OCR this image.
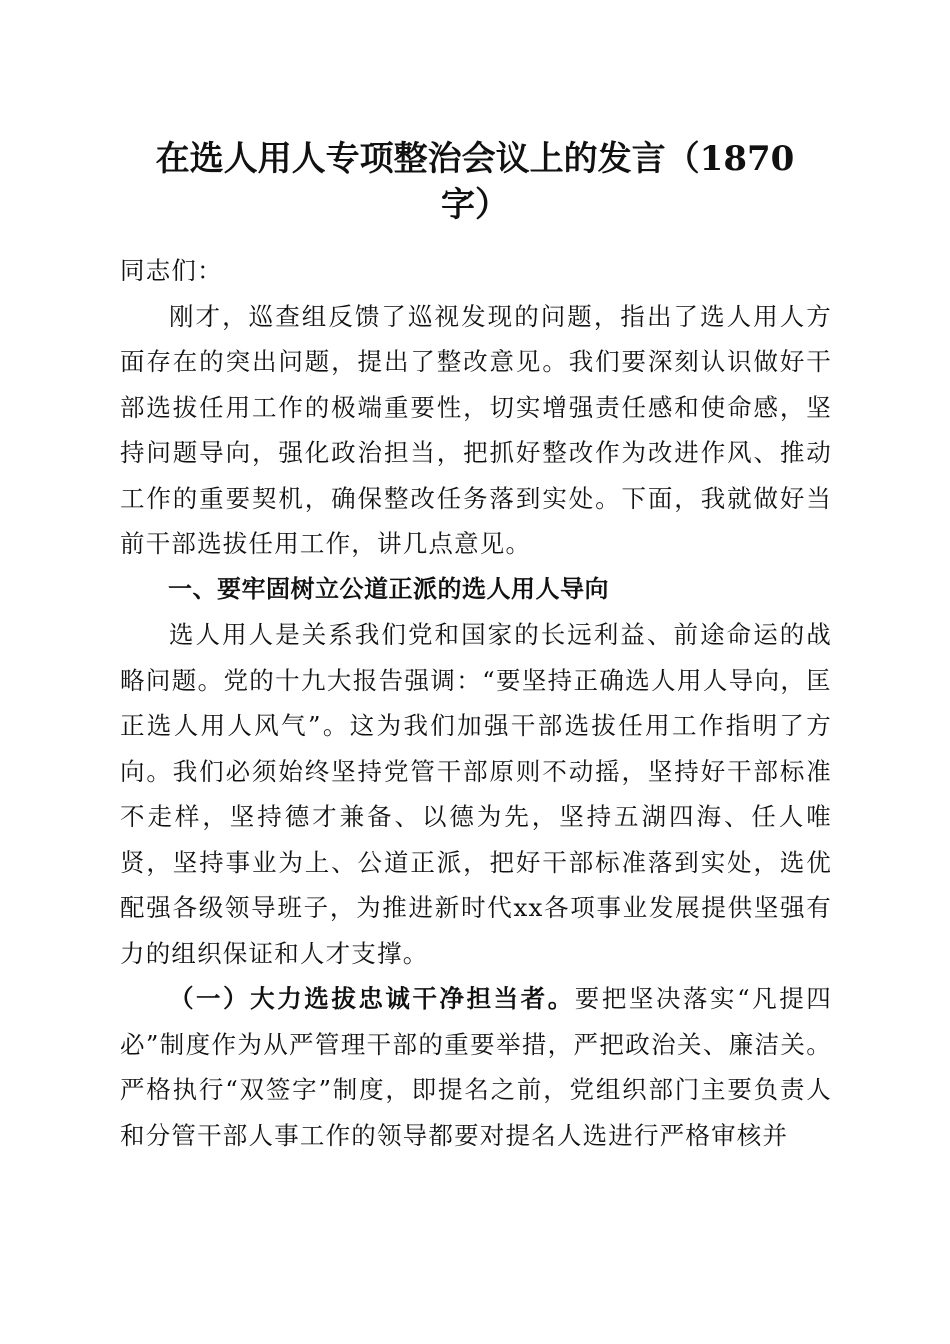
在选人用人专项整治会议上的发言（1870
字）

同志们：

刚才，巡查组反馈了巡视发现的问题，指出了选人用人方面存在的突出问题，提出了整改意见。我们要深刻认识做好干部选拔任用工作的极端重要性，切实增强责任感和使命感，坚持问题导向，强化政治担当，把抓好整改作为改进作风、推动工作的重要契机，确保整改任务落到实处。下面，我就做好当前干部选拔任用工作，讲几点意见。

一、要牢固树立公道正派的选人用人导向

选人用人是关系我们党和国家的长远利益、前途命运的战略问题。党的十九大报告强调：“要坚持正确选人用人导向，匡正选人用人风气”。这为我们加强干部选拔任用工作指明了方向。我们必须始终坚持党管干部原则不动摇，坚持好干部标准不走样，坚持德才兼备、以德为先，坚持五湖四海、任人唯贤，坚持事业为上、公道正派，把好干部标准落到实处，选优配强各级领导班子，为推进新时代xx各项事业发展提供坚强有力的组织保证和人才支撑。

（一）大力选拔忠诚干净担当者。要把坚决落实“凡提四必”制度作为从严管理干部的重要举措，严把政治关、廉洁关。严格执行“双签字”制度，即提名之前，党组织部门主要负责人和分管干部人事工作的领导都要对提名人选进行严格审核并
